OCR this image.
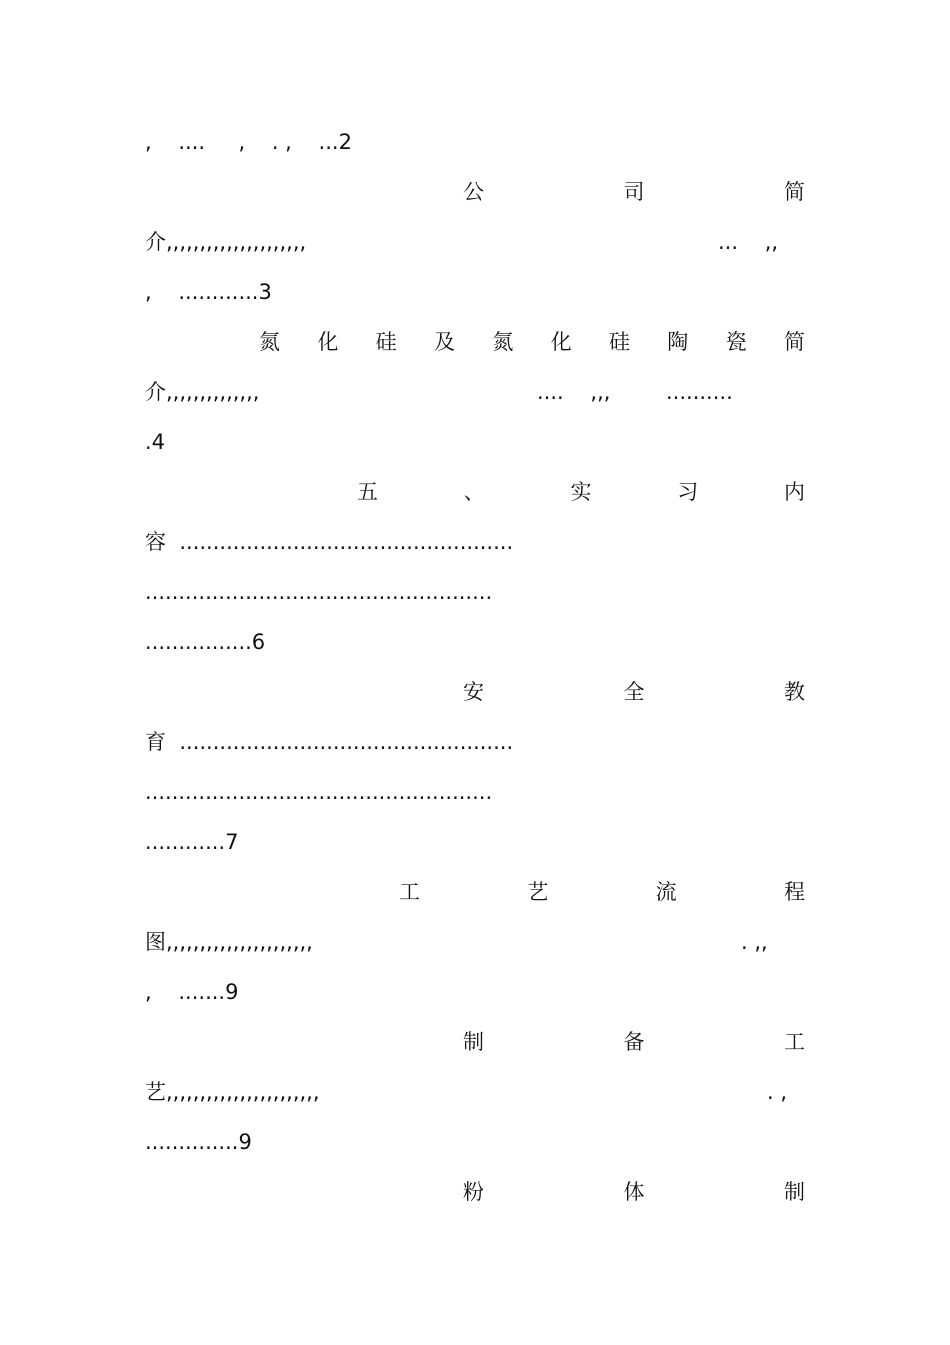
,    ....     ,    . ,    ...2
公	司	简
介,,,,,,,,,,,,,,,,,,,,,	...    ,,
,    ............3
氮 化 硅 及 氮 化 硅 陶 瓷 简
介,,,,,,,,,,,,,,	....    ,,,	..........
.4
五	、	实	习	内
容  ..................................................
....................................................
................6
安	全	教
育  ..................................................
....................................................
............7
工	艺	流	程
图,,,,,,,,,,,,,,,,,,,,,,	. ,,
,    .......9
制	备	工
艺,,,,,,,,,,,,,,,,,,,,,,,	. ,
..............9
粉	体	制
